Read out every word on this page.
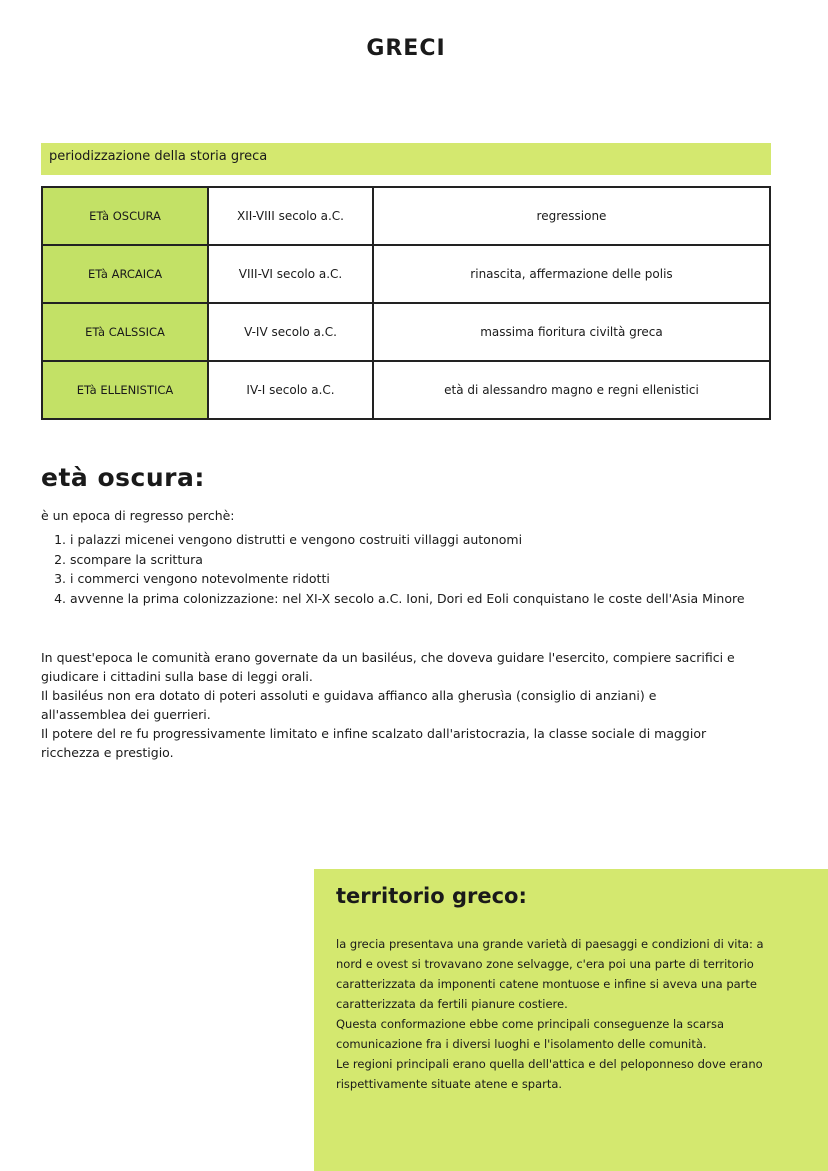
GRECI
periodizzazione della storia greca
ETà OSCURA	XII-VIII secolo a.C.	regressione
ETà ARCAICA	VIII-VI secolo a.C.	rinascita, affermazione delle polis
ETà CALSSICA	V-IV secolo a.C.	massima fioritura civiltà greca
ETà ELLENISTICA	IV-I secolo a.C.	età di alessandro magno e regni ellenistici
età oscura:
è un epoca di regresso perchè:
1. i palazzi micenei vengono distrutti e vengono costruiti villaggi autonomi
2. scompare la scrittura
3. i commerci vengono notevolmente ridotti
4. avvenne la prima colonizzazione: nel XI-X secolo a.C. Ioni, Dori ed Eoli conquistano le coste dell'Asia Minore

In quest'epoca le comunità erano governate da un basiléus, che doveva guidare l'esercito, compiere sacrifici e giudicare i cittadini sulla base di leggi orali.

Il basiléus non era dotato di poteri assoluti e guidava affianco alla gherusìa (consiglio di anziani) e all'assemblea dei guerrieri.

Il potere del re fu progressivamente limitato e infine scalzato dall'aristocrazia, la classe sociale di maggior ricchezza e prestigio.

territorio greco:

la grecia presentava una grande varietà di paesaggi e condizioni di vita: a nord e ovest si trovavano zone selvagge, c'era poi una parte di territorio caratterizzata da imponenti catene montuose e infine si aveva una parte caratterizzata da fertili pianure costiere.

Questa conformazione ebbe come principali conseguenze la scarsa comunicazione fra i diversi luoghi e l'isolamento delle comunità.

Le regioni principali erano quella dell'attica e del peloponneso dove erano rispettivamente situate atene e sparta.
